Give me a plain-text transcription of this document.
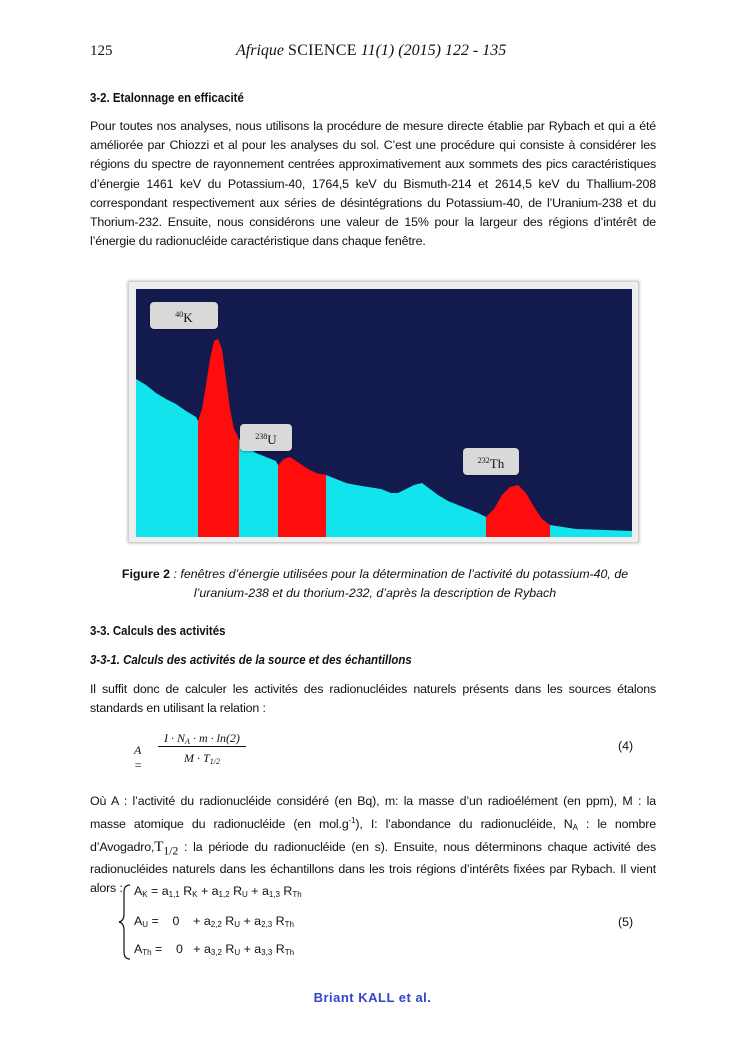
125	Afrique SCIENCE 11(1) (2015) 122 - 135
3-2. Etalonnage en efficacité
Pour toutes nos analyses, nous utilisons la procédure de mesure directe établie par Rybach et qui a été améliorée par Chiozzi et al pour les analyses du sol. C’est une procédure qui consiste à considérer les régions du spectre de rayonnement centrées approximativement aux sommets des pics caractéristiques d’énergie 1461 keV du Potassium-40, 1764,5 keV du Bismuth-214 et 2614,5 keV du Thallium-208 correspondant respectivement aux séries de désintégrations du Potassium-40, de l’Uranium-238 et du Thorium-232. Ensuite, nous considérons une valeur de 15% pour la largeur des régions d’intérêt de l’énergie du radionucléide caractéristique dans chaque fenêtre.
$^{40}$K
$^{238}$U
$^{232}$Th
Figure 2 : fenêtres d’énergie utilisées pour la détermination de l’activité du potassium-40, de l’uranium-238 et du thorium-232, d’après la description de Rybach
3-3. Calculs des activités
3-3-1. Calculs des activités de la source et des échantillons
Il suffit donc de calculer les activités des radionucléides naturels présents dans les sources étalons standards en utilisant la relation :
A =
$I \cdot N_A \cdot m \cdot \ln(2)$
$M \cdot T_{1/2}$
(4)
Où A : l’activité du radionucléide considéré (en Bq), m: la masse d’un radioélément (en ppm), M : la masse atomique du radionucléide (en $mol.g^{-1}$), I: l’abondance du radionucléide, $N_A$ : le nombre $d’Avogadro,T_{1/2}$ : la période du radionucléide (en s). Ensuite, nous déterminons chaque activité des radionucléides naturels dans les échantillons dans les trois régions d’intérêts fixées par Rybach. Il vient alors : $A_K = a_{1,1}$ $R_K + a_{1,2}$ $R_U + a_{1,3}$ $R_{Th}$
$A_U$ =    0    + $a_{2,2}$ $R_U + a_{2,3}$ $R_{Th}$
$A_{Th}$ =    $0 + a_{3,2}$ $R_U + a_{3,3}$ $R_{Th}$
(5)
Briant KALL et al.
